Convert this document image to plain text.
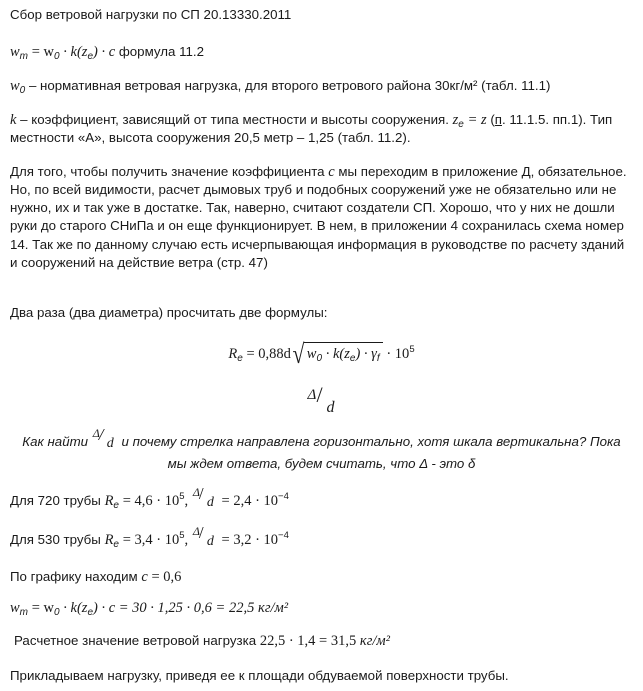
Сбор ветровой нагрузки по СП 20.13330.2011
$w_m = w_0 \cdot k(z_e) \cdot c$ формула 11.2
$w_0$ – нормативная ветровая нагрузка, для второго ветрового района 30кг/м² (табл. 11.1)
k – коэффициент, зависящий от типа местности и высоты сооружения. $z_e = z$ (п. 11.1.5. пп.1). Тип
местности «А», высота сооружения 20,5 метр – 1,25 (табл. 11.2).
Для того, чтобы получить значение коэффициента c мы переходим в приложение Д, обязательное.
Но, по всей видимости, расчет дымовых труб и подобных сооружений уже не обязательно или не
нужно, их и так уже в достатке. Так, наверно, считают создатели СП. Хорошо, что у них не дошли
руки до старого СНиПа и он еще функционирует. В нем, в приложении 4 сохранилась схема номер
14. Так же по данному случаю есть исчерпывающая информация в руководстве по расчету зданий
и сооружений на действие ветра (стр. 47)
Два раза (два диаметра) просчитать две формулы:
$R_e = 0,88d√$ $w_0 \cdot k(z_e) \cdot \gamma_f \cdot 10^5$
Δ /
d
Как найти
Δ
/ d и почему стрелка направлена горизонтально, хотя шкала вертикальна? Пока
мы ждем ответа, будем считать, что Δ - это δ
Для 720 трубы $R_e = 4,6 \cdot 10^5$,
Δ
/ $d = 2,4 \cdot 10^{-4}$
Для 530 трубы $R_e = 3,4 \cdot 10^5$,
Δ
/ $d = 3,2 \cdot 10^{-4}$
По графику находим c = 0,6
$w_m = w_0 \cdot k(z_e) \cdot c = 30 \cdot 1,25 \cdot 0,6 = 22,5$ кг/м²
Расчетное значение ветровой нагрузка 22,5 · 1,4 = 31,5 кг/м²
Прикладываем нагрузку, приведя ее к площади обдуваемой поверхности трубы.
